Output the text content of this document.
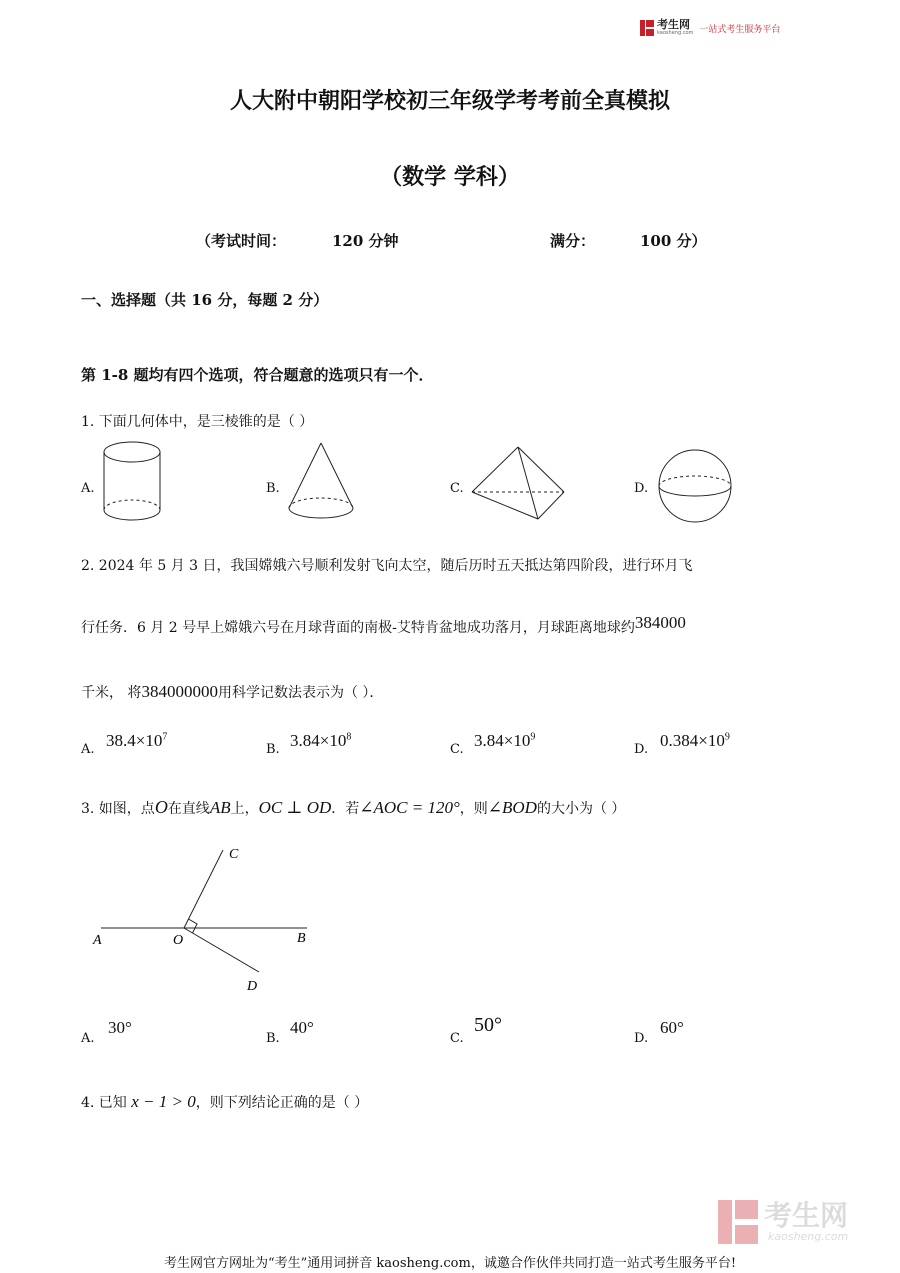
考生网
kaosheng.com 一站式考生服务平台
人大附中朝阳学校初三年级学考考前全真模拟
（数学 学科）
（考试时间：	120 分钟	满分：	100 分）
一、选择题（共 16 分，每题 2 分）
第 1-8 题均有四个选项，符合题意的选项只有一个．
1. 下面几何体中，是三棱锥的是（ ）
A.	B.	C.	D.
2. 2024 年 5 月 3 日，我国嫦娥六号顺利发射飞向太空，随后历时五天抵达第四阶段，进行环月飞
行任务．6 月 2 号早上嫦娥六号在月球背面的南极-艾特肯盆地成功落月，月球距离地球约384000
千米， 将384000000用科学记数法表示为（ ）．
A. $38.4\times 10^7$
B. $3.84\times 10^8$
C. $3.84\times 10^9$
D. $0.384\times 10^9$
3. 如图，点O在直线AB上，OC ⊥ OD．若∠AOC = 120°，则∠BOD的大小为（ ）
A	O	B
C
D
A.
30°
B.
40°
C.
50°
D.
60°
4. 已知 x − 1 > 0，则下列结论正确的是（ ）
考生网
kaosheng.com
考生网官方网址为“考生”通用词拼音 kaosheng.com，诚邀合作伙伴共同打造一站式考生服务平台!
